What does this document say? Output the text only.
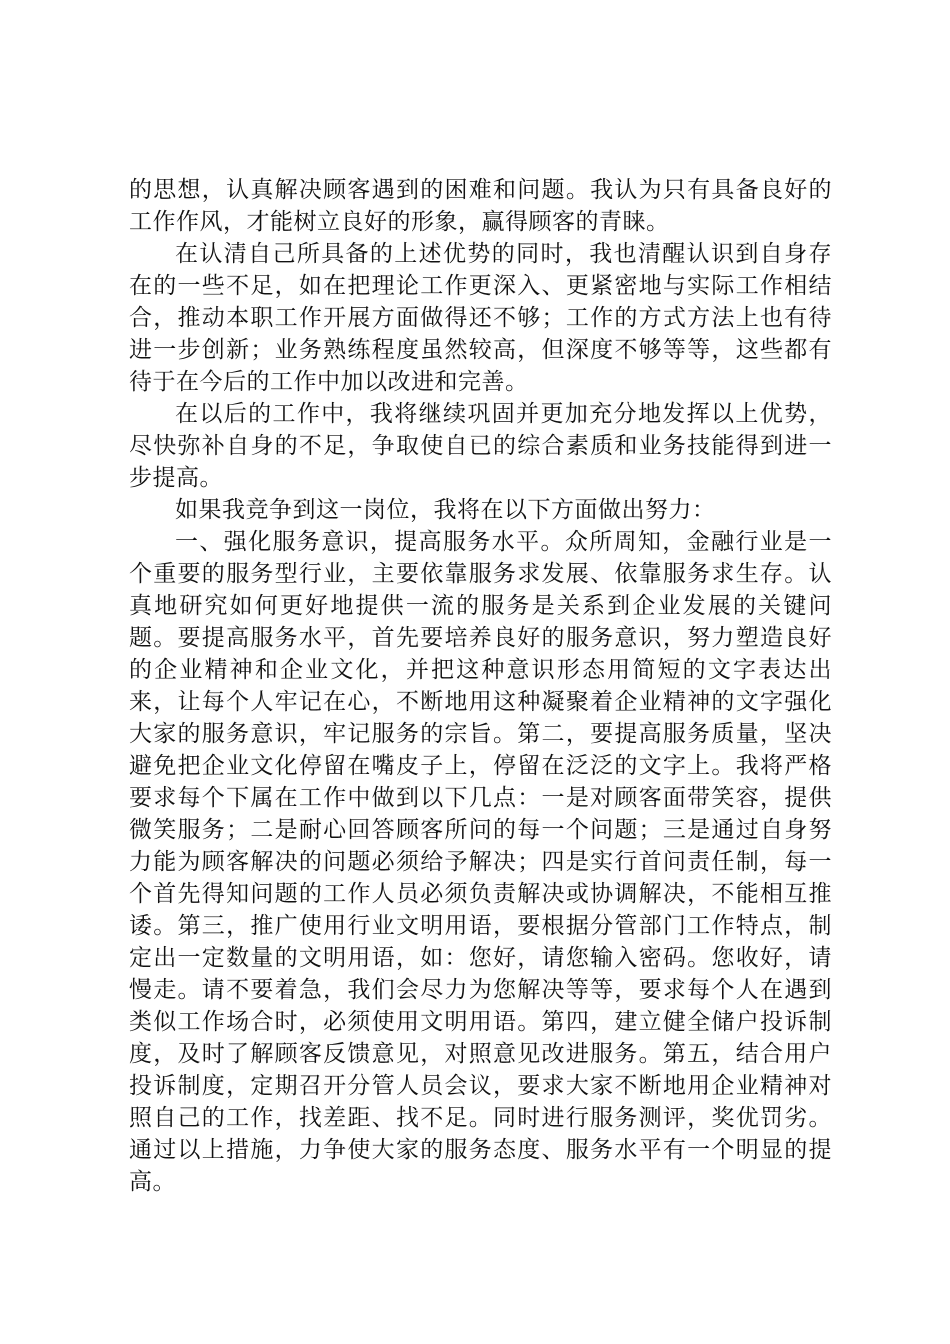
的思想，认真解决顾客遇到的困难和问题。我认为只有具备良好的工作作风，才能树立良好的形象，赢得顾客的青睐。

在认清自己所具备的上述优势的同时，我也清醒认识到自身存在的一些不足，如在把理论工作更深入、更紧密地与实际工作相结合，推动本职工作开展方面做得还不够；工作的方式方法上也有待进一步创新；业务熟练程度虽然较高，但深度不够等等，这些都有待于在今后的工作中加以改进和完善。

在以后的工作中，我将继续巩固并更加充分地发挥以上优势，尽快弥补自身的不足，争取使自已的综合素质和业务技能得到进一步提高。

如果我竞争到这一岗位，我将在以下方面做出努力：

一、强化服务意识，提高服务水平。众所周知，金融行业是一个重要的服务型行业，主要依靠服务求发展、依靠服务求生存。认真地研究如何更好地提供一流的服务是关系到企业发展的关键问题。要提高服务水平，首先要培养良好的服务意识，努力塑造良好的企业精神和企业文化，并把这种意识形态用简短的文字表达出来，让每个人牢记在心，不断地用这种凝聚着企业精神的文字强化大家的服务意识，牢记服务的宗旨。第二，要提高服务质量，坚决避免把企业文化停留在嘴皮子上，停留在泛泛的文字上。我将严格要求每个下属在工作中做到以下几点：一是对顾客面带笑容，提供微笑服务；二是耐心回答顾客所问的每一个问题；三是通过自身努力能为顾客解决的问题必须给予解决；四是实行首问责任制，每一个首先得知问题的工作人员必须负责解决或协调解决，不能相互推诿。第三，推广使用行业文明用语，要根据分管部门工作特点，制定出一定数量的文明用语，如：您好，请您输入密码。您收好，请慢走。请不要着急，我们会尽力为您解决等等，要求每个人在遇到类似工作场合时，必须使用文明用语。第四，建立健全储户投诉制度，及时了解顾客反馈意见，对照意见改进服务。第五，结合用户投诉制度，定期召开分管人员会议，要求大家不断地用企业精神对照自己的工作，找差距、找不足。同时进行服务测评，奖优罚劣。通过以上措施，力争使大家的服务态度、服务水平有一个明显的提高。
